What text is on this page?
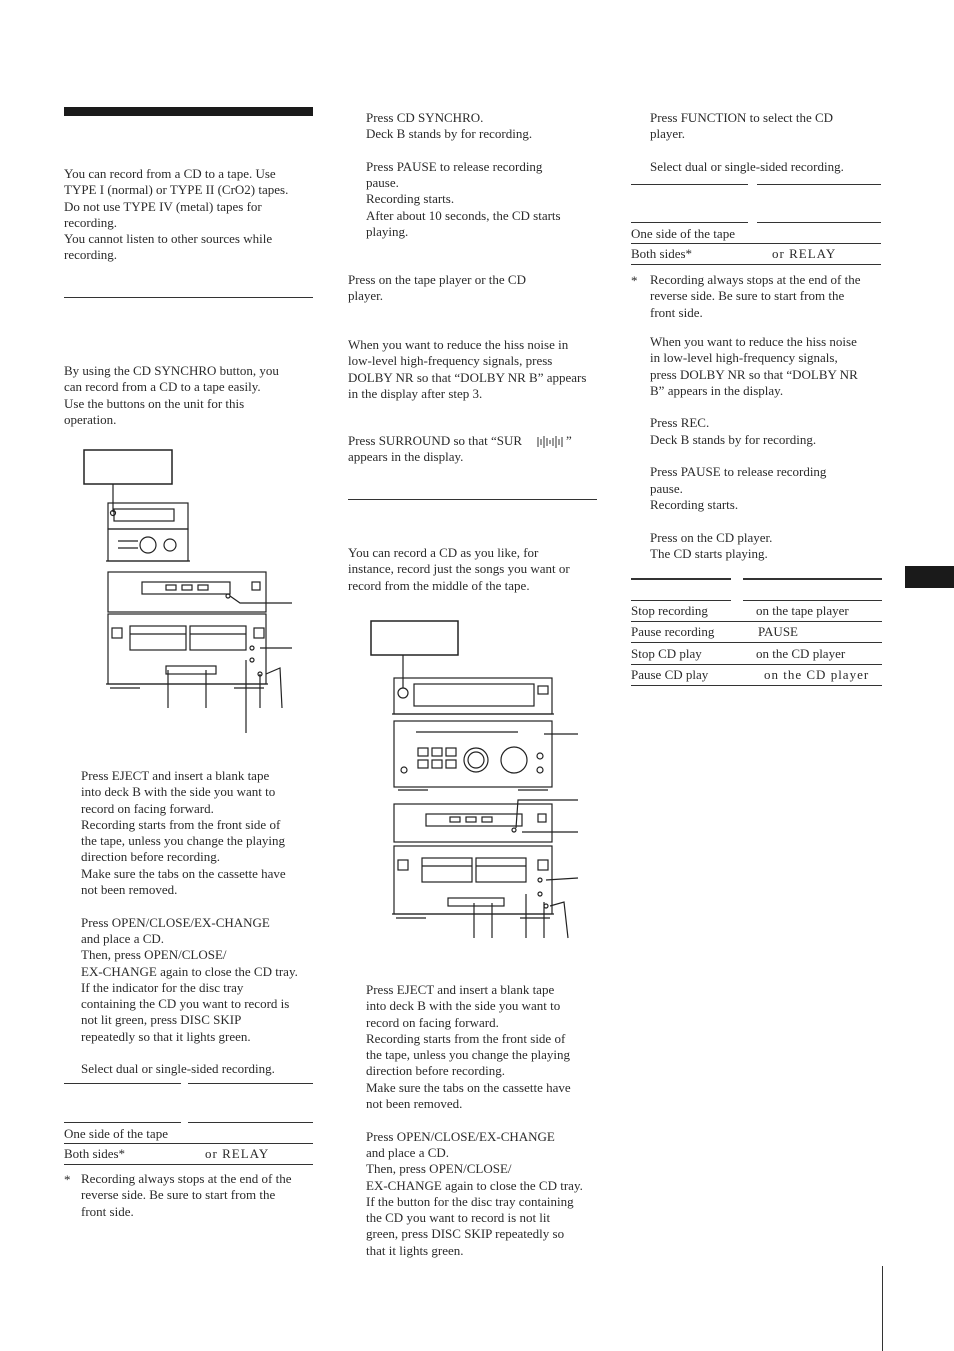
You can record from a CD to a tape. Use
TYPE I (normal) or TYPE II (CrO2) tapes.
Do not use TYPE IV (metal) tapes for
recording.
You cannot listen to other sources while
recording.
By using the CD SYNCHRO button, you
can record from a CD to a tape easily.
Use the buttons on the unit for this
operation.
Press EJECT and insert a blank tape
into deck B with the side you want to
record on facing forward.
Recording starts from the front side of
the tape, unless you change the playing
direction before recording.
Make sure the tabs on the cassette have
not been removed.
Press OPEN/CLOSE/EX-CHANGE
and place a CD.
Then, press OPEN/CLOSE/
EX-CHANGE again to close the CD tray.
If the indicator for the disc tray
containing the CD you want to record is
not lit green, press DISC SKIP
repeatedly so that it lights green.
Select dual or single-sided recording.
One side of the tape
Both sides*	or RELAY
* Recording always stops at the end of the
reverse side. Be sure to start from the
front side.
Press CD SYNCHRO.
Deck B stands by for recording.
Press PAUSE to release recording
pause.
Recording starts.
After about 10 seconds, the CD starts
playing.
Press on the tape player or the CD
player.
When you want to reduce the hiss noise in
low-level high-frequency signals, press
DOLBY NR so that “DOLBY NR B” appears
in the display after step 3.
Press SURROUND so that “SUR	”
appears in the display.
You can record a CD as you like, for
instance, record just the songs you want or
record from the middle of the tape.
Press EJECT and insert a blank tape
into deck B with the side you want to
record on facing forward.
Recording starts from the front side of
the tape, unless you change the playing
direction before recording.
Make sure the tabs on the cassette have
not been removed.
Press OPEN/CLOSE/EX-CHANGE
and place a CD.
Then, press OPEN/CLOSE/
EX-CHANGE again to close the CD tray.
If the button for the disc tray containing
the CD you want to record is not lit
green, press DISC SKIP repeatedly so
that it lights green.
Press FUNCTION to select the CD
player.
Select dual or single-sided recording.
One side of the tape
Both sides*	or RELAY
* Recording always stops at the end of the
reverse side. Be sure to start from the
front side.
When you want to reduce the hiss noise
in low-level high-frequency signals,
press DOLBY NR so that “DOLBY NR
B” appears in the display.
Press REC.
Deck B stands by for recording.
Press PAUSE to release recording
pause.
Recording starts.
Press on the CD player.
The CD starts playing.
Stop recording	on the tape player
Pause recording	PAUSE
Stop CD play	on the CD player
Pause CD play	on the CD player
